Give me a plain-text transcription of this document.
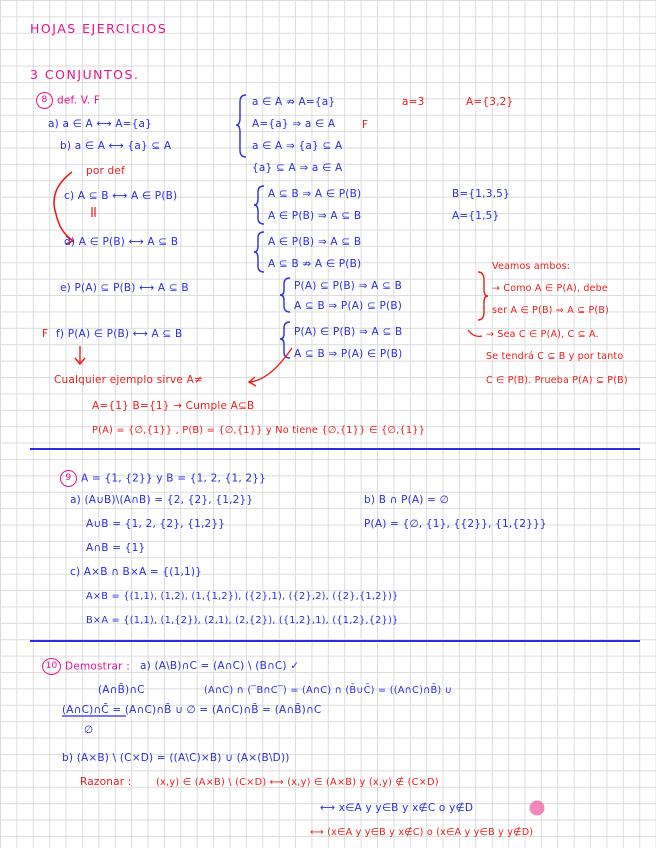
HOJAS EJERCICIOS
3 CONJUNTOS.
8 def. V. F
a) a ∈ A ⟷ A={a}
a ∈ A ⇏ A={a}	a=3	A={3,2}
A={a} ⇒ a ∈ A	F
b) a ∈ A ⟷ {a} ⊆ A	a ∈ A ⇒ {a} ⊆ A
{a} ⊆ A ⇒ a ∈ A
por def
c) A ⊆ B ⟷ A ∈ P(B)	A ⊆ B ⇒ A ∈ P(B)	B={1,3,5}
A ∈ P(B) ⇒ A ⊆ B	A={1,5}
d) A ∈ P(B) ⟷ A ⊆ B	A ∈ P(B) ⇒ A ⊆ B
A ⊆ B ⇏ A ∈ P(B)
e) P(A) ⊆ P(B) ⟷ A ⊆ B	P(A) ⊆ P(B) ⇒ A ⊆ B
A ⊆ B ⇒ P(A) ⊆ P(B)
F f) P(A) ∈ P(B) ⟷ A ⊆ B	P(A) ∈ P(B) ⇒ A ⊆ B
A ⊆ B ⇒ P(A) ∈ P(B)
Veamos ambos:
→ Como A ∈ P(A), debe
ser A ∈ P(B) ⇒ A ⊆ P(B)
→ Sea C ∈ P(A), C ⊆ A.
Se tendrá C ⊆ B y por tanto
C ∈ P(B). Prueba P(A) ⊆ P(B)
Cualquier ejemplo sirve A≠
A={1} B={1} → Cumple A⊆B
P(A) = {∅,{1}} , P(B) = {∅,{1}} y No tiene {∅,{1}} ∈ {∅,{1}}
9 A = {1, {2}} y B = {1, 2, {1, 2}}
a) (A∪B)\(A∩B) = {2, {2}, {1,2}}	b) B ∩ P(A) = ∅
A∪B = {1, 2, {2}, {1,2}}	P(A) = {∅, {1}, {{2}}, {1,{2}}}
A∩B = {1}
c) A×B ∩ B×A = {(1,1)}
A×B = {(1,1), (1,2), (1,{1,2}), ({2},1), ({2},2), ({2},{1,2})}
B×A = {(1,1), (1,{2}), (2,1), (2,{2}), ({1,2},1), ({1,2},{2})}
10 Demostrar : a) (A\B)∩C = (A∩C) \ (B∩C) ✓
(A∩B̄)∩C	(A∩C) ∩ (‾B∩C‾) = (A∩C) ∩ (B̄∪C̄) = ((A∩C)∩B̄) ∪
(A∩C)∩C̄ = (A∩C)∩B̄ ∪ ∅ = (A∩C)∩B̄ = (A∩B̄)∩C
∅
b) (A×B) \ (C×D) = ((A\C)×B) ∪ (A×(B\D))
Razonar : (x,y) ∈ (A×B) \ (C×D) ⟷ (x,y) ∈ (A×B) y (x,y) ∉ (C×D)
⟷ x∈A y y∈B y x∉C o y∉D
⟷ (x∈A y y∈B y x∉C) o (x∈A y y∈B y y∉D)
